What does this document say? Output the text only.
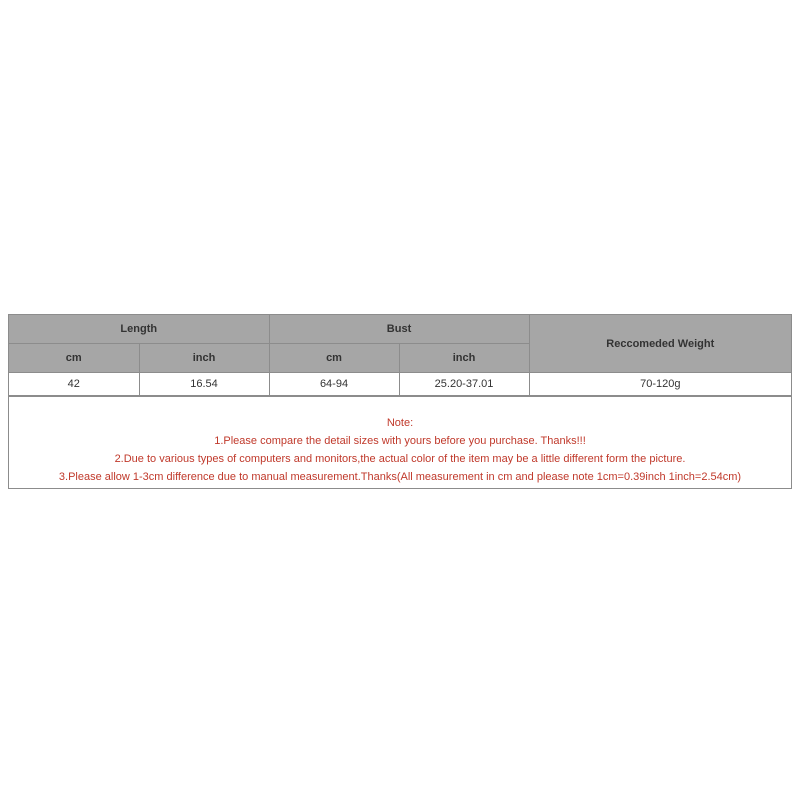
Length		Bust		Reccomeded Weight
cm	inch	cm	inch	
42	16.54	64-94	25.20-37.01	70-120g
Note:
1.Please compare the detail sizes with yours before you purchase. Thanks!!!
2.Due to various types of computers and monitors,the actual color of the item may be a little different form the picture.
3.Please allow 1-3cm difference due to manual measurement.Thanks(All measurement in cm and please note 1cm=0.39inch 1inch=2.54cm)
